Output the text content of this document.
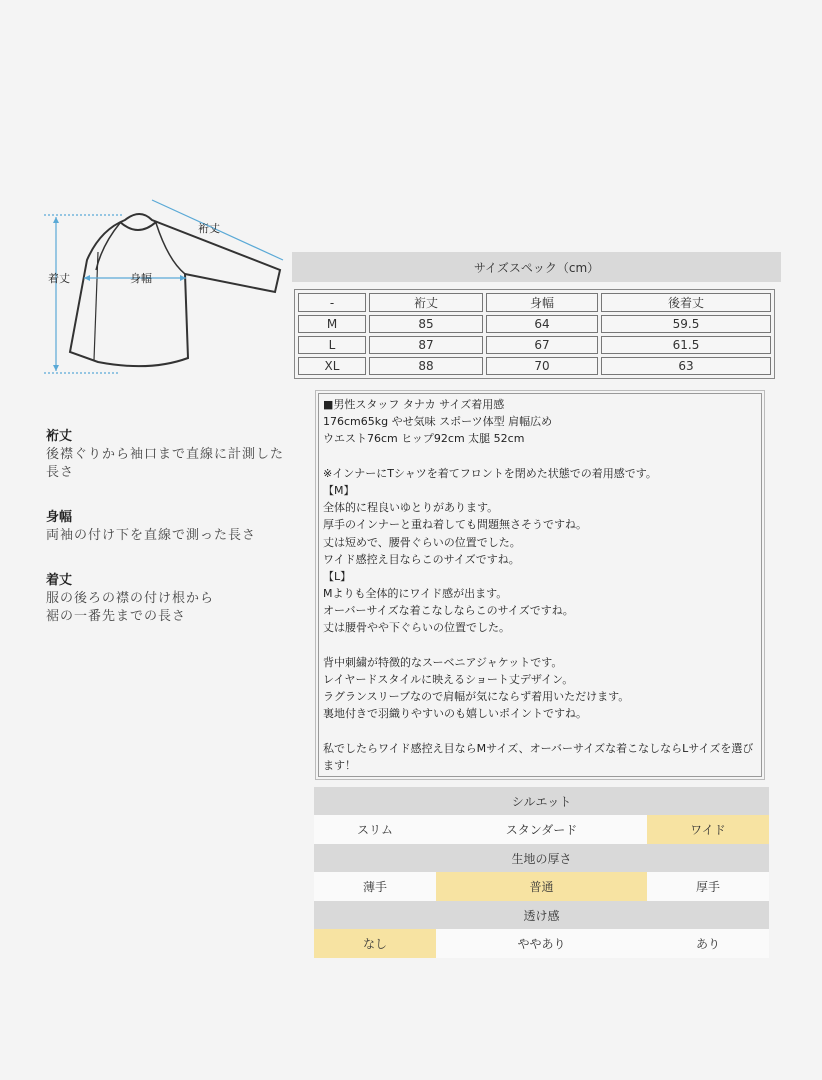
裄丈
身幅
着丈
裄丈
後襟ぐりから袖口まで直線に計測した長さ
身幅
両袖の付け下を直線で測った長さ
着丈
服の後ろの襟の付け根から
裾の一番先までの長さ
サイズスペック（cm）
-	裄丈	身幅	後着丈
M	85	64	59.5
L	87	67	61.5
XL	88	70	63
■男性スタッフ タナカ サイズ着用感
176cm65kg やせ気味 スポーツ体型 肩幅広め
ウエスト76cm ヒップ92cm 太腿 52cm
※インナーにTシャツを着てフロントを閉めた状態での着用感です。
【M】
全体的に程良いゆとりがあります。
厚手のインナーと重ね着しても問題無さそうですね。
丈は短めで、腰骨ぐらいの位置でした。
ワイド感控え目ならこのサイズですね。
【L】
Mよりも全体的にワイド感が出ます。
オーバーサイズな着こなしならこのサイズですね。
丈は腰骨やや下ぐらいの位置でした。
背中刺繍が特徴的なスーベニアジャケットです。
レイヤードスタイルに映えるショート丈デザイン。
ラグランスリーブなので肩幅が気にならず着用いただけます。
裏地付きで羽織りやすいのも嬉しいポイントですね。
私でしたらワイド感控え目ならMサイズ、オーバーサイズな着こなしならLサイズを選びます！
シルエット
スリム	スタンダード	ワイド
生地の厚さ
薄手	普通	厚手
透け感
なし	ややあり	あり
